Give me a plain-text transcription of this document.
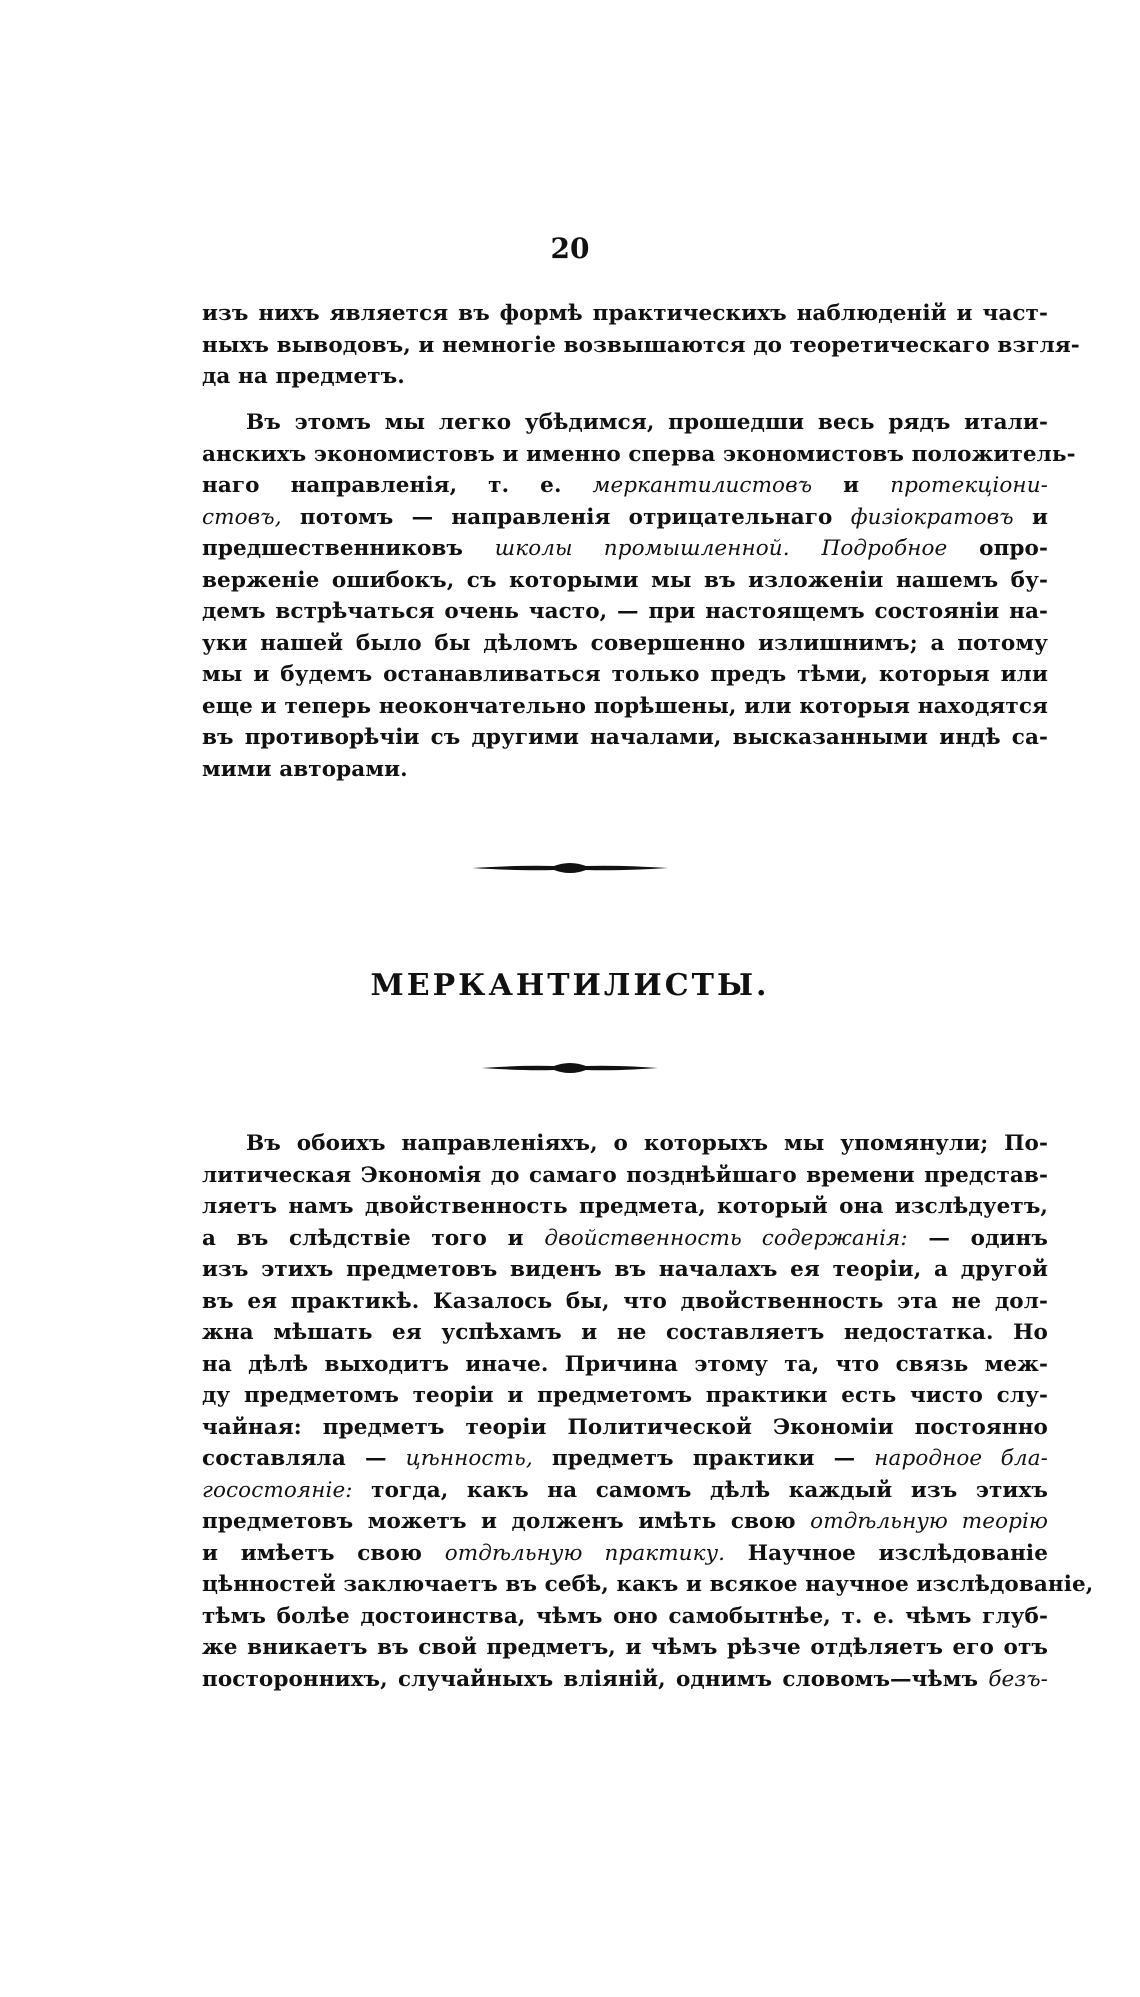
20
изъ нихъ является въ формѣ практическихъ наблюденій и част-
ныхъ выводовъ, и немногіе возвышаются до теоретическаго взгля-
да на предметъ.
Въ этомъ мы легко убѣдимся, прошедши весь рядъ итали-
анскихъ экономистовъ и именно сперва экономистовъ положитель-
наго направленія, т. е. меркантилистовъ и протекціони-
стовъ, потомъ — направленія отрицательнаго физіократовъ и
предшественниковъ школы промышленной. Подробное опро-
верженіе ошибокъ, съ которыми мы въ изложеніи нашемъ бу-
демъ встрѣчаться очень часто, — при настоящемъ состояніи на-
уки нашей было бы дѣломъ совершенно излишнимъ; а потому
мы и будемъ останавливаться только предъ тѣми, которыя или
еще и теперь неокончательно порѣшены, или которыя находятся
въ противорѣчіи съ другими началами, высказанными индѣ са-
мими авторами.
МЕРКАНТИЛИСТЫ.
Въ обоихъ направленіяхъ, о которыхъ мы упомянули; По-
литическая Экономія до самаго позднѣйшаго времени представ-
ляетъ намъ двойственность предмета, который она изслѣдуетъ,
а въ слѣдствіе того и двойственность содержанія: — одинъ
изъ этихъ предметовъ виденъ въ началахъ ея теоріи, а другой
въ ея практикѣ. Казалось бы, что двойственность эта не дол-
жна мѣшать ея успѣхамъ и не составляетъ недостатка. Но
на дѣлѣ выходитъ иначе. Причина этому та, что связь меж-
ду предметомъ теоріи и предметомъ практики есть чисто слу-
чайная: предметъ теоріи Политической Экономіи постоянно
составляла — цѣнность, предметъ практики — народное бла-
госостояніе: тогда, какъ на самомъ дѣлѣ каждый изъ этихъ
предметовъ можетъ и долженъ имѣть свою отдѣльную теорію
и имѣетъ свою отдѣльную практику. Научное изслѣдованіе
цѣнностей заключаетъ въ себѣ, какъ и всякое научное изслѣдованіе,
тѣмъ болѣе достоинства, чѣмъ оно самобытнѣе, т. е. чѣмъ глуб-
же вникаетъ въ свой предметъ, и чѣмъ рѣзче отдѣляетъ его отъ
постороннихъ, случайныхъ вліяній, однимъ словомъ—чѣмъ безъ-
